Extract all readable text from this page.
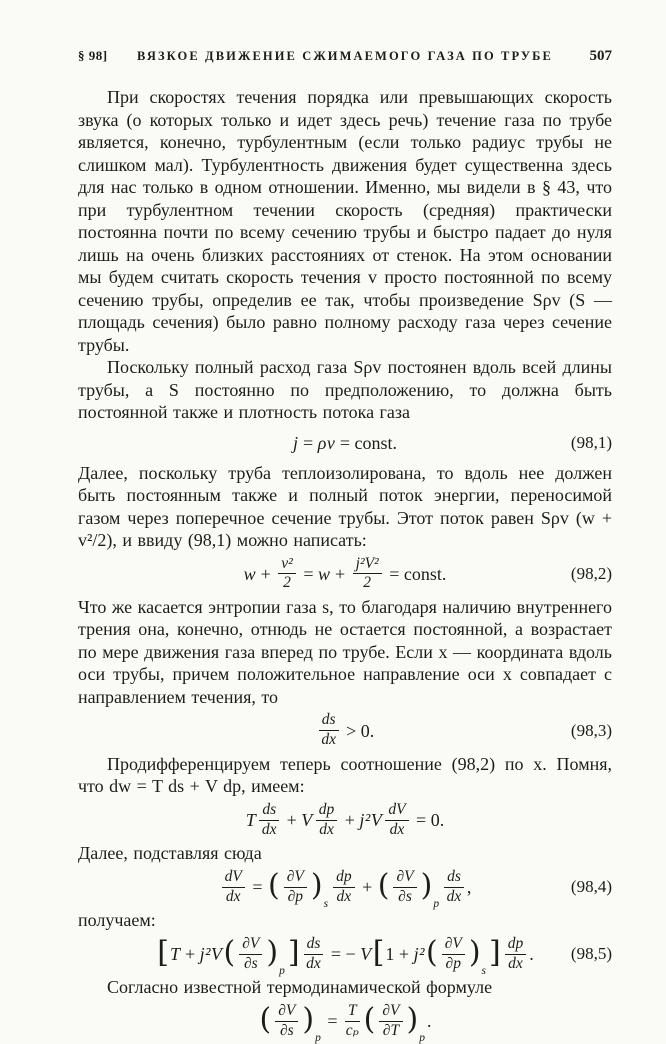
§ 98]	ВЯЗКОЕ ДВИЖЕНИЕ СЖИМАЕМОГО ГАЗА ПО ТРУБЕ	507

При скоростях течения порядка или превышающих скорость звука (о которых только и идет здесь речь) течение газа по трубе является, конечно, турбулентным (если только радиус трубы не слишком мал). Турбулентность движения будет существенна здесь для нас только в одном отношении. Именно, мы видели в § 43, что при турбулентном течении скорость (средняя) практически постоянна почти по всему сечению трубы и быстро падает до нуля лишь на очень близких расстояниях от стенок. На этом основании мы будем считать скорость течения v просто постоянной по всему сечению трубы, определив ее так, чтобы произведение Sρv (S — площадь сечения) было равно полному расходу газа через сечение трубы.

Поскольку полный расход газа Sρv постоянен вдоль всей длины трубы, а S постоянно по предположению, то должна быть постоянной также и плотность потока газа

j = ρv = const.	(98,1)

Далее, поскольку труба теплоизолирована, то вдоль нее должен быть постоянным также и полный поток энергии, переносимой газом через поперечное сечение трубы. Этот поток равен Sρv (w + v²/2), и ввиду (98,1) можно написать:

$w + \frac{\text{v²}}{2} = w + \frac{\text{j²V²}}{2}$ = const.	(98,2)

Что же касается энтропии газа s, то благодаря наличию внутреннего трения она, конечно, отнюдь не остается постоянной, а возрастает по мере движения газа вперед по трубе. Если x — координата вдоль оси трубы, причем положительное направление оси x совпадает с направлением течения, то

$\frac{ds}{dx} > 0$.	(98,3)

Продифференцируем теперь соотношение (98,2) по x. Помня, что dw = T ds + V dp, имеем:

T $\frac{ds}{dx} + V \frac{dp}{dx} + j^2V \frac{dV}{dx} = 0$.

Далее, подставляя сюда

$\frac{dV}{dx}$ = ( $\frac{\partial V}{\partial p}$ )
s $\frac{dp}{dx}$ + ( $\frac{\partial V}{\partial s}$ )
p $\frac{ds}{dx}$ ,	(98,4)

получаем:

[ T + j²V ( $\frac{\partial V}{\partial s}$ )
p
] $\frac{ds}{dx}$ = − V [ 1 + j² ( $\frac{\partial V}{\partial p}$ )
s
] $\frac{dp}{dx}$ . (98,5)

Согласно известной термодинамической формуле

( $\frac{\partial V}{\partial s}$ )
p
= $\frac{T}{\text{cₚ}}$ ( $\frac{\partial V}{\partial T}$ )
p
.
